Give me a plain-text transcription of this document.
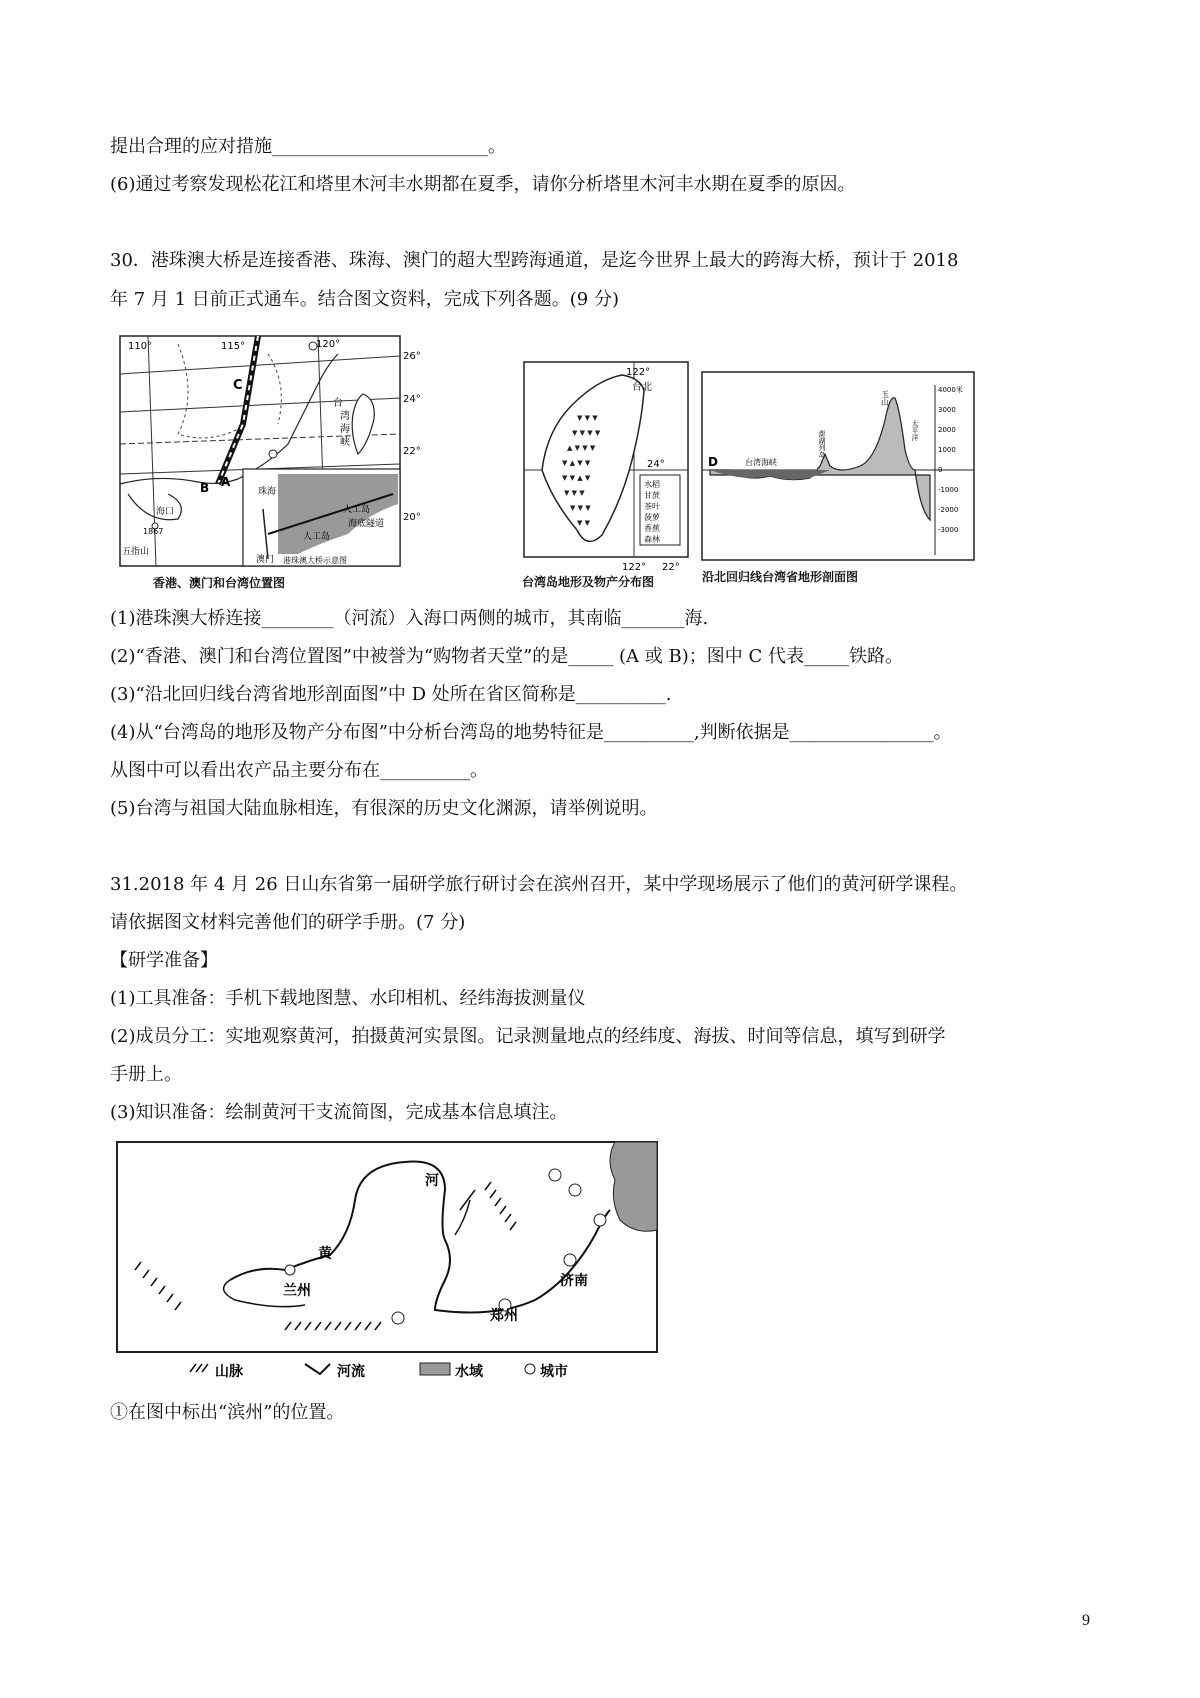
提出合理的应对措施________________________。
(6)通过考察发现松花江和塔里木河丰水期都在夏季，请你分析塔里木河丰水期在夏季的原因。
30．港珠澳大桥是连接香港、珠海、澳门的超大型跨海通道，是迄今世界上最大的跨海大桥，预计于 2018
年 7 月 1 日前正式通车。结合图文资料，完成下列各题。(9 分)
110°	115°	120°
26°
24°
22°
20°
C
A
B
海口
1867
五指山
台
湾
海
峡
珠海
澳门
人工岛
人工岛
海底隧道
港珠澳大桥示意图
香港、澳门和台湾位置图
▼ ▼ ▼
▼ ▼ ▼ ▼
▲ ▼ ▼ ▼
▼ ▲ ▼ ▼
▼ ▼ ▲ ▼
▼ ▼ ▼
▼ ▼ ▼
▼ ▼
122°
台北
24°
122° 22°
水稻
甘蔗
茶叶
菠萝
香蕉
森林
台湾岛地形及物产分布图
D	台湾海峡
澎湖列岛
玉山
太平洋
4000米
3000
2000
1000
0
-1000
-2000
-3000
沿北回归线台湾省地形剖面图
(1)港珠澳大桥连接________（河流）入海口两侧的城市，其南临_______海.
(2)“香港、澳门和台湾位置图”中被誉为“购物者天堂”的是_____ (A 或 B)；图中 C 代表_____铁路。
(3)“沿北回归线台湾省地形剖面图”中 D 处所在省区简称是__________.
(4)从“台湾岛的地形及物产分布图”中分析台湾岛的地势特征是__________,判断依据是________________。
从图中可以看出农产品主要分布在__________。
(5)台湾与祖国大陆血脉相连，有很深的历史文化渊源，请举例说明。
31.2018 年 4 月 26 日山东省第一届研学旅行研讨会在滨州召开，某中学现场展示了他们的黄河研学课程。
请依据图文材料完善他们的研学手册。(7 分)
【研学准备】
(1)工具准备：手机下载地图慧、水印相机、经纬海拔测量仪
(2)成员分工：实地观察黄河，拍摄黄河实景图。记录测量地点的经纬度、海拔、时间等信息，填写到研学
手册上。
(3)知识准备：绘制黄河干支流简图，完成基本信息填注。
河
黄
兰州
郑州
济南
山脉	河流	水域	城市
①在图中标出“滨州”的位置。
9
